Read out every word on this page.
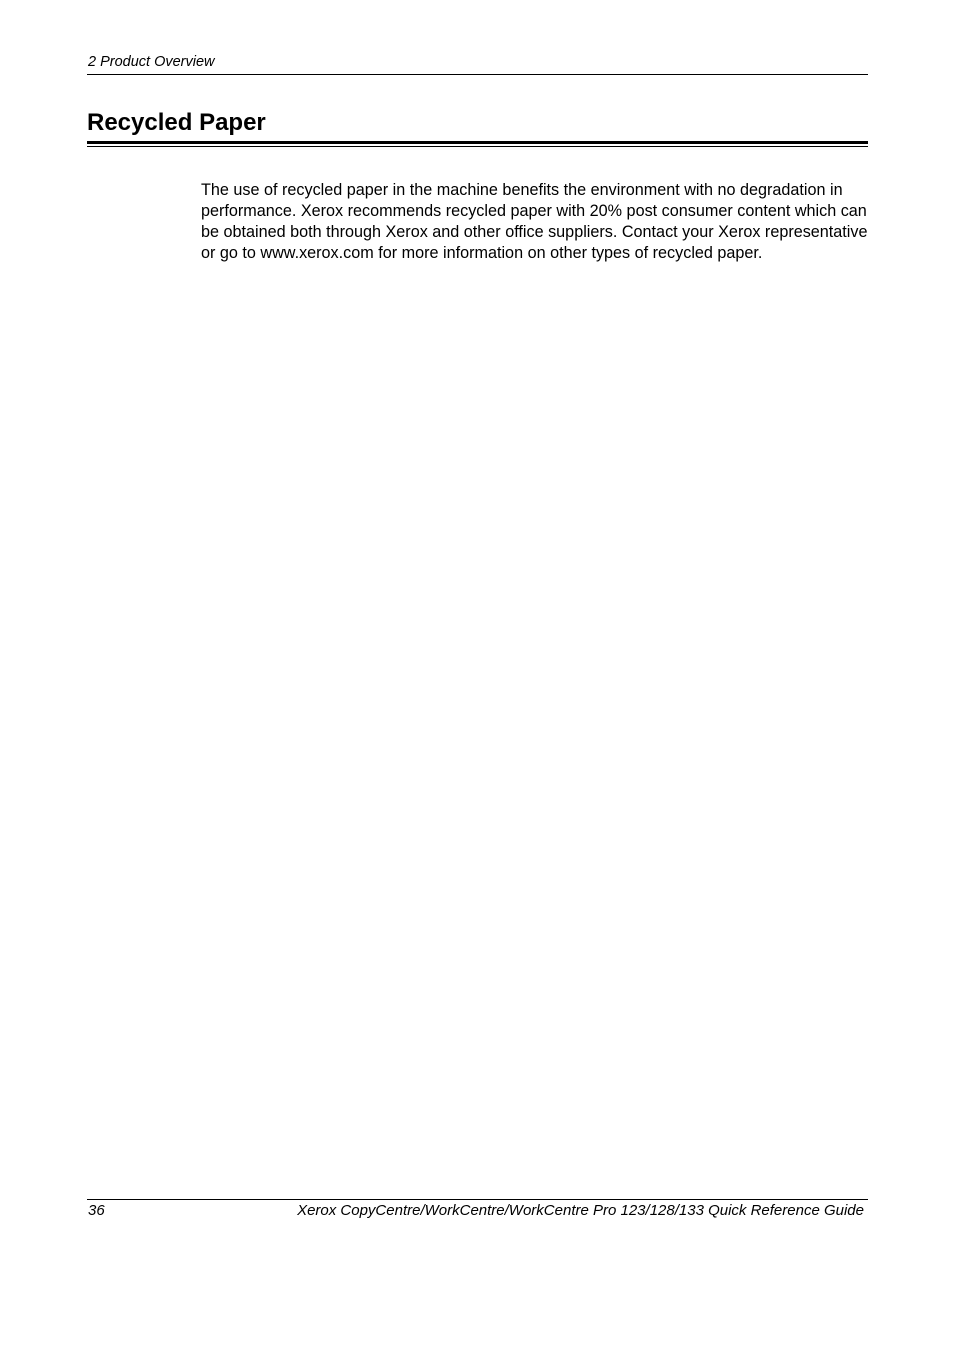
2 Product Overview
Recycled Paper

The use of recycled paper in the machine benefits the environment with no degradation in performance. Xerox recommends recycled paper with 20% post consumer content which can be obtained both through Xerox and other office suppliers. Contact your Xerox representative or go to www.xerox.com for more information on other types of recycled paper.

36	Xerox CopyCentre/WorkCentre/WorkCentre Pro 123/128/133 Quick Reference Guide
